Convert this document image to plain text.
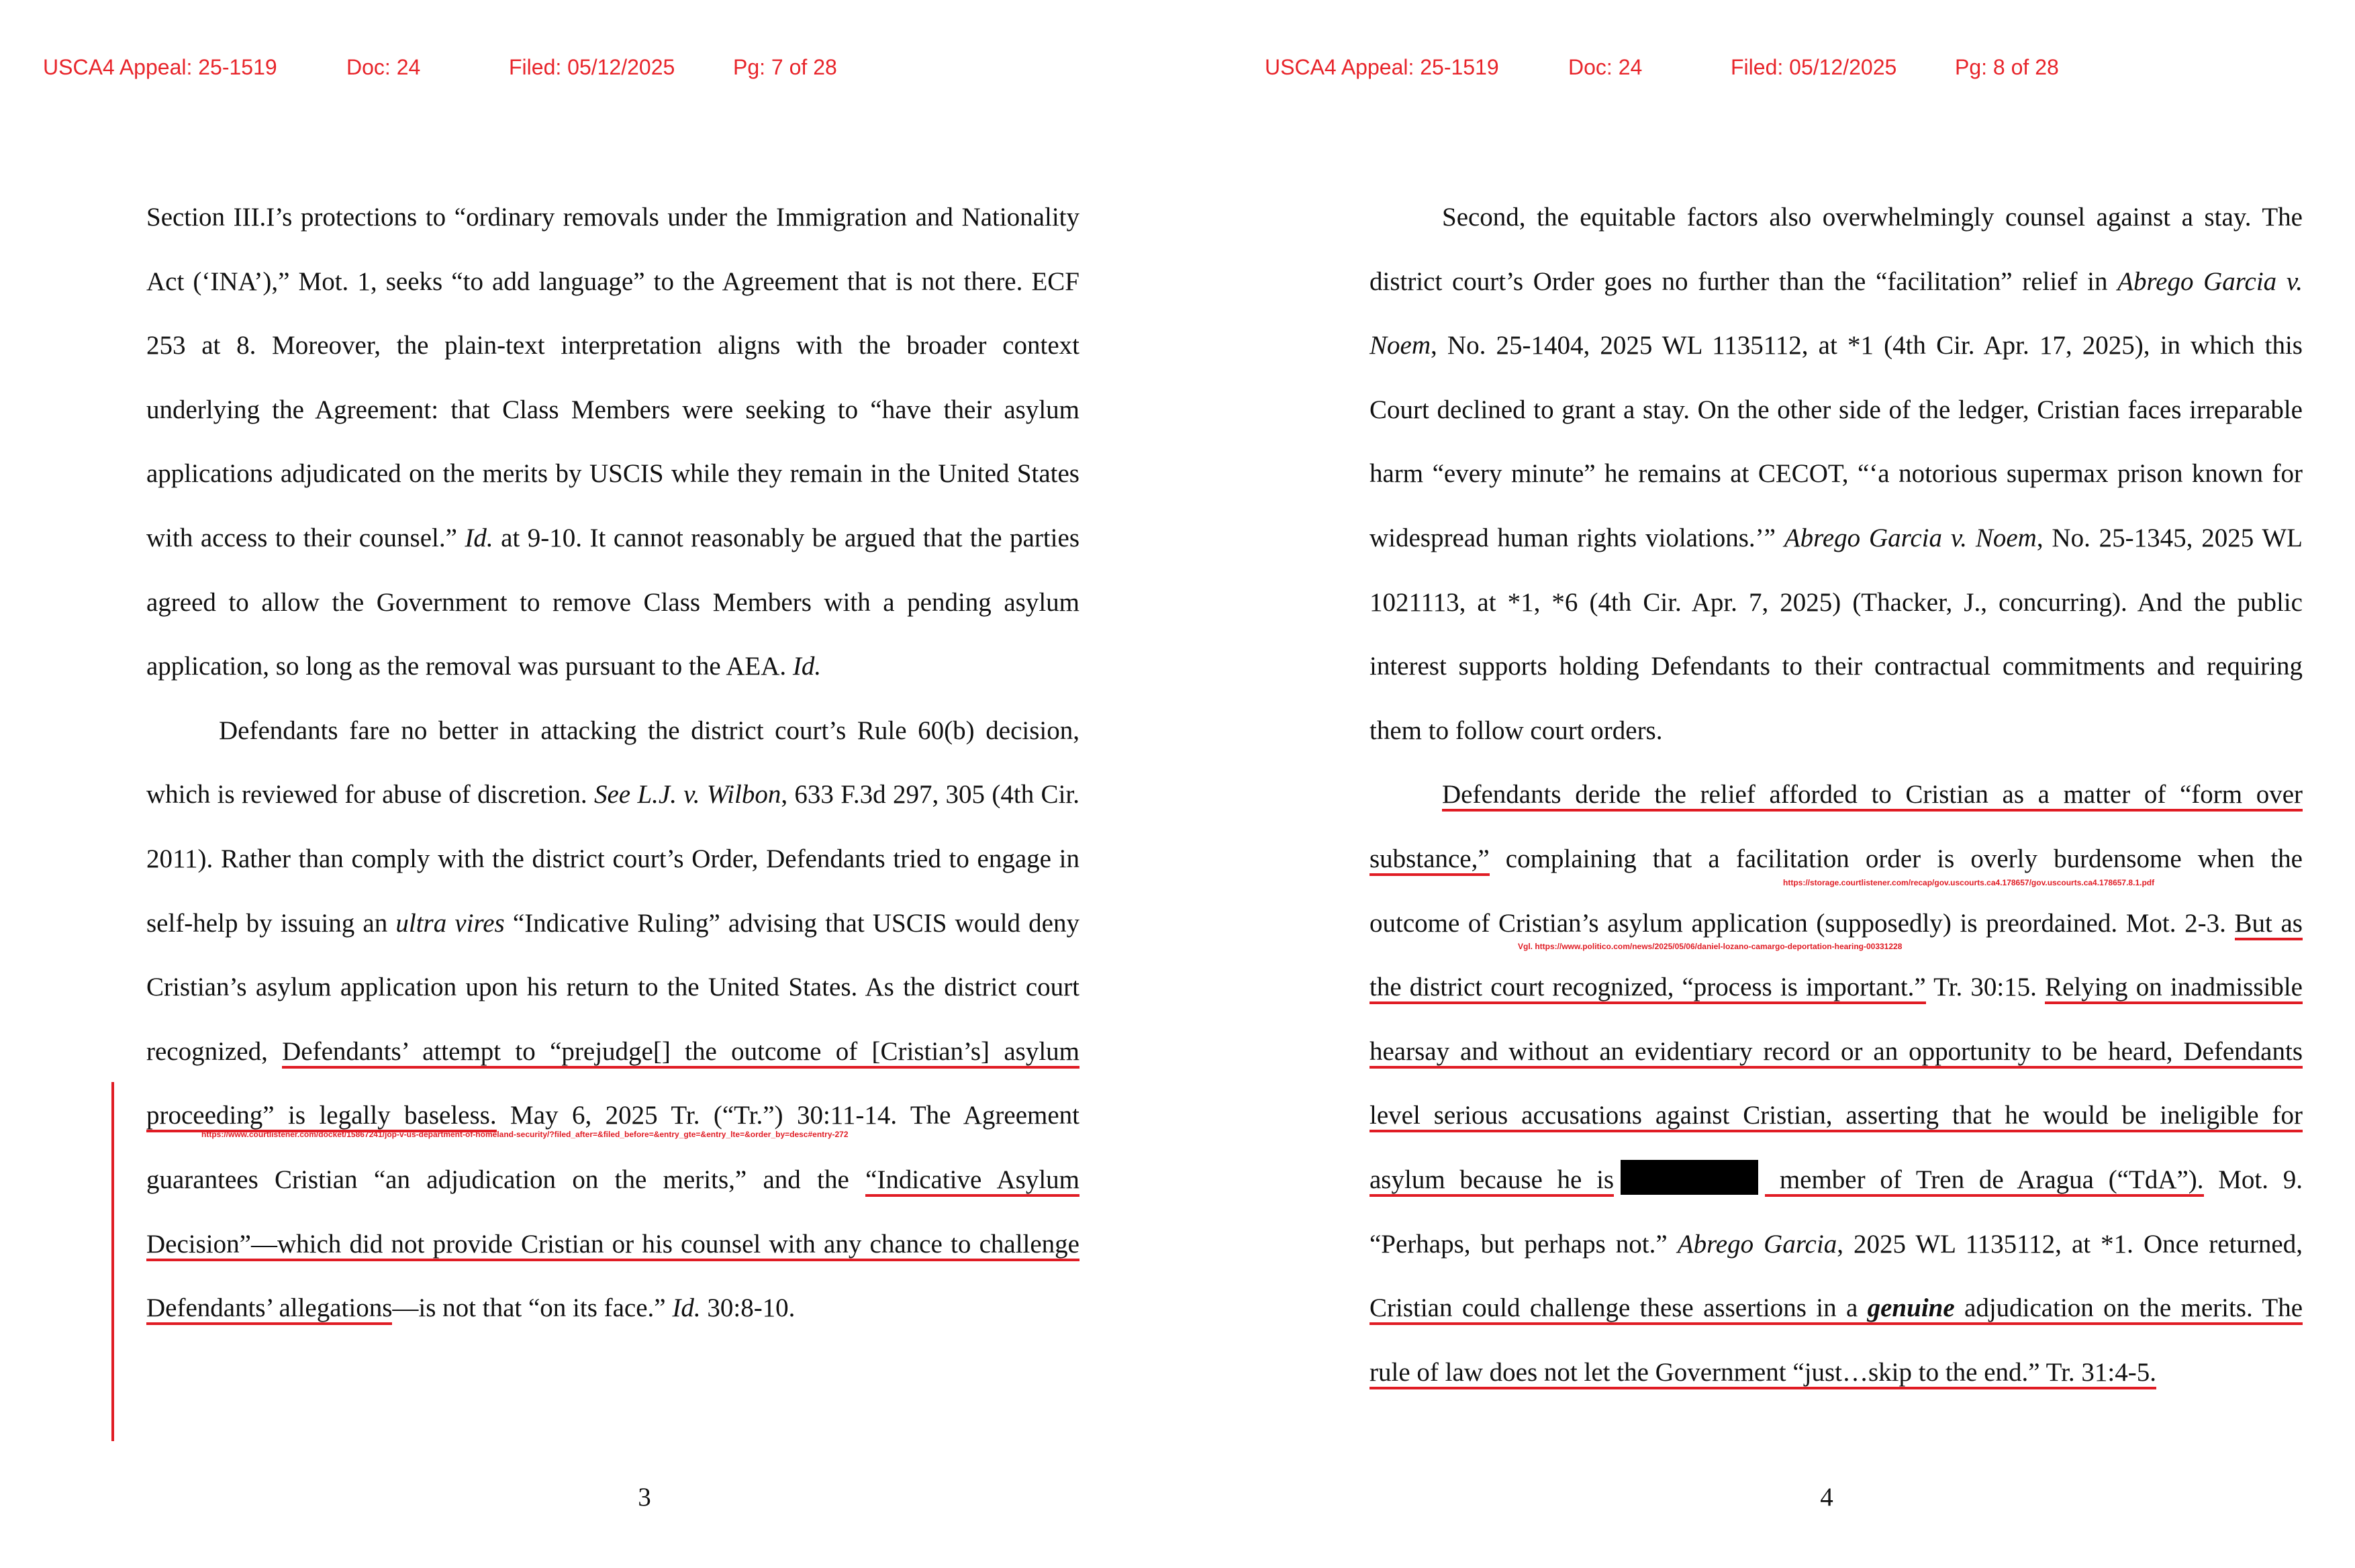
USCA4 Appeal: 25-1519	Doc: 24	Filed: 05/12/2025	Pg: 7 of 28

Section III.I’s protections to “ordinary removals under the Immigration and Nationality Act (‘INA’),” Mot. 1, seeks “to add language” to the Agreement that is not there. ECF 253 at 8. Moreover, the plain-text interpretation aligns with the broader context underlying the Agreement: that Class Members were seeking to “have their asylum applications adjudicated on the merits by USCIS while they remain in the United States with access to their counsel.” Id. at 9-10. It cannot reasonably be argued that the parties agreed to allow the Government to remove Class Members with a pending asylum application, so long as the removal was pursuant to the AEA. Id.

Defendants fare no better in attacking the district court’s Rule 60(b) decision, which is reviewed for abuse of discretion. See L.J. v. Wilbon, 633 F.3d 297, 305 (4th Cir. 2011). Rather than comply with the district court’s Order, Defendants tried to engage in self-help by issuing an ultra vires “Indicative Ruling” advising that USCIS would deny Cristian’s asylum application upon his return to the United States. As the district court recognized, Defendants’ attempt to “prejudge[] the outcome of [Cristian’s] asylum proceeding” is legally baseless. May 6, 2025 Tr. (“Tr.”) 30:11-14. The Agreement guarantees Cristian “an adjudication on the merits,” and the “Indicative Asylum Decision”—which did not provide Cristian or his counsel with any chance to challenge Defendants’ allegations—is not that “on its face.” Id. 30:8-10.

https://www.courtlistener.com/docket/15867241/jop-v-us-department-of-homeland-security/?filed_after=&filed_before=&entry_gte=&entry_lte=&order_by=desc#entry-272
3
USCA4 Appeal: 25-1519	Doc: 24	Filed: 05/12/2025	Pg: 8 of 28

Second, the equitable factors also overwhelmingly counsel against a stay. The district court’s Order goes no further than the “facilitation” relief in Abrego Garcia v. Noem, No. 25-1404, 2025 WL 1135112, at *1 (4th Cir. Apr. 17, 2025), in which this Court declined to grant a stay. On the other side of the ledger, Cristian faces irreparable harm “every minute” he remains at CECOT, “‘a notorious supermax prison known for widespread human rights violations.’” Abrego Garcia v. Noem, No. 25-1345, 2025 WL 1021113, at *1, *6 (4th Cir. Apr. 7, 2025) (Thacker, J., concurring). And the public interest supports holding Defendants to their contractual commitments and requiring them to follow court orders.

Defendants deride the relief afforded to Cristian as a matter of “form over substance,” complaining that a facilitation order is overly burdensome when the outcome of Cristian’s asylum application (supposedly) is preordained. Mot. 2-3. But as the district court recognized, “process is important.” Tr. 30:15. Relying on inadmissible hearsay and without an evidentiary record or an opportunity to be heard, Defendants level serious accusations against Cristian, asserting that he would be ineligible for asylum because he is	member of Tren de Aragua (“TdA”). Mot. 9. “Perhaps, but perhaps not.” Abrego Garcia, 2025 WL 1135112, at *1. Once returned, Cristian could challenge these assertions in a genuine adjudication on the merits. The rule of law does not let the Government “just…skip to the end.” Tr. 31:4-5.

https://storage.courtlistener.com/recap/gov.uscourts.ca4.178657/gov.uscourts.ca4.178657.8.1.pdf
Vgl. https://www.politico.com/news/2025/05/06/daniel-lozano-camargo-deportation-hearing-00331228
4
